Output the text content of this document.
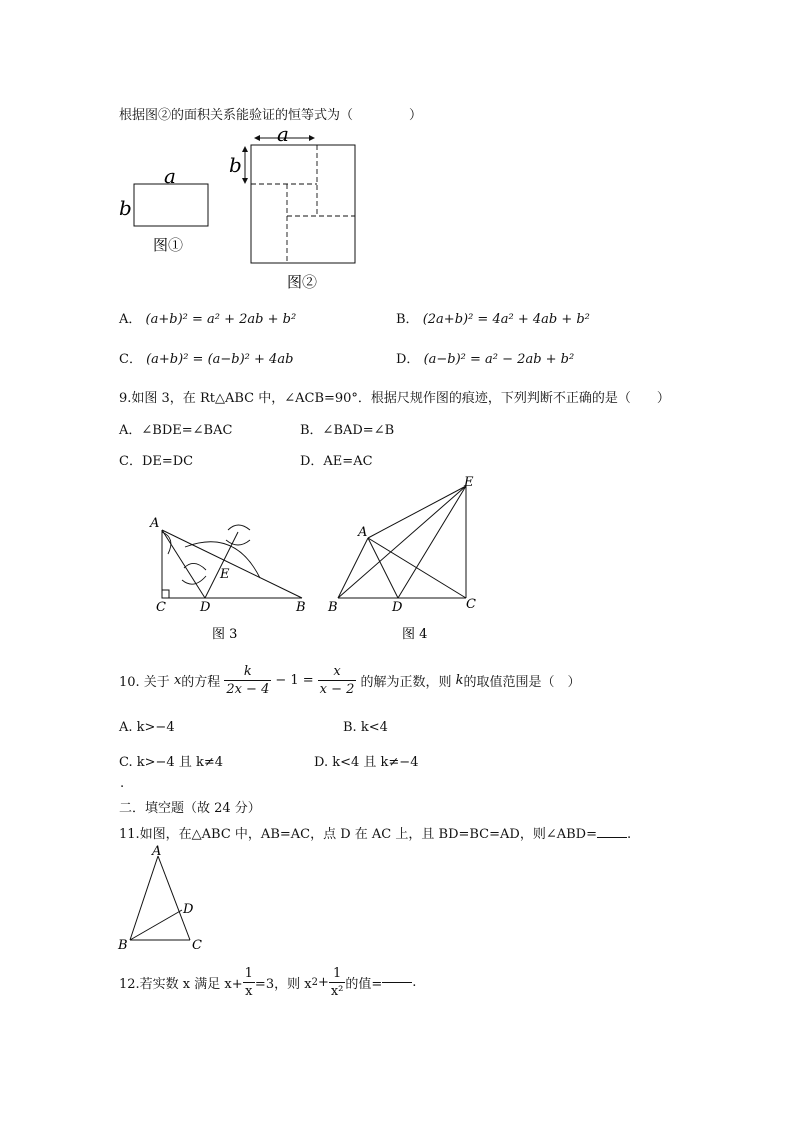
根据图②的面积关系能验证的恒等式为（	）
a
b
图①
a
b
图②
A． (a+b)² = a² + 2ab + b²	B． (2a+b)² = 4a² + 4ab + b²
C． (a+b)² = (a−b)² + 4ab	D． (a−b)² = a² − 2ab + b²
9.如图 3，在 Rt△ABC 中，∠ACB=90°．根据尺规作图的痕迹，下列判断不正确的是（　　）
A．∠BDE=∠BAC	B．∠BAD=∠B
C．DE=DC	D．AE=AC
A
E
C	D	B
图 3
E
A
B	D	C
图 4
10. 关于
x 的方程 $\frac{k}{2x - 4} - 1 = \frac{x}{x - 2}$ 的解为正数，则
k 的取值范围是（　）
A. k>−4	B. k<4
C. k>−4 且 k≠4	D. k<4 且 k≠−4
.
二．填空题（故 24 分）
11.如图，在△ABC 中，AB=AC，点 D 在 AC 上，且 BD=BC=AD，则∠ABD= .
A
D
B	C
12.若实数 x 满足 $x+ \frac{1}{x} =3$，则 x $2 + \frac{1}{\text{x²}}$ 的值= .
